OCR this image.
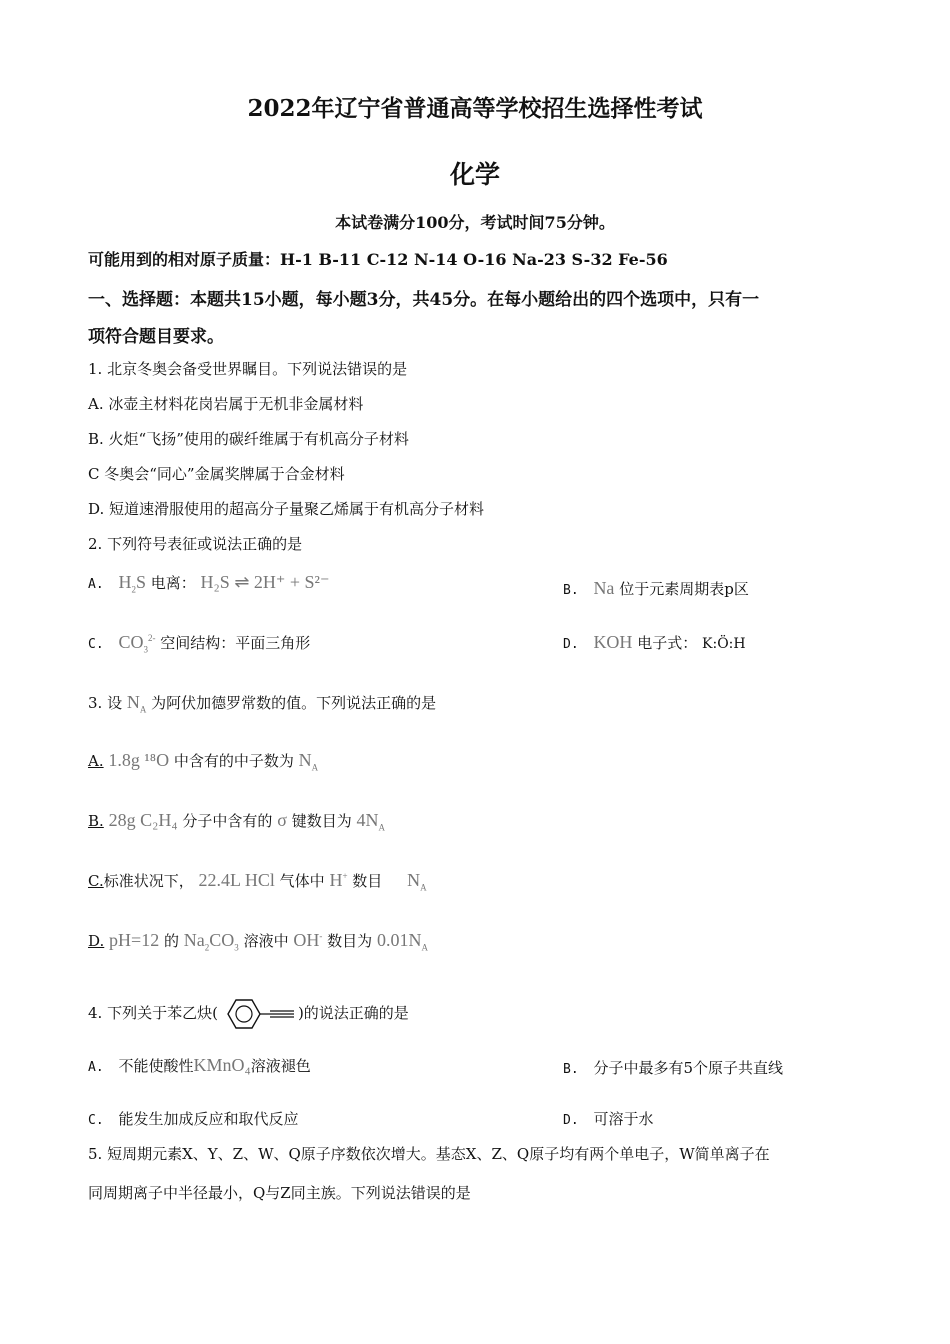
2022年辽宁省普通高等学校招生选择性考试
化学
本试卷满分100分，考试时间75分钟。
可能用到的相对原子质量：H-1 B-11 C-12 N-14 O-16 Na-23 S-32 Fe-56
一、选择题：本题共15小题，每小题3分，共45分。在每小题给出的四个选项中，只有一
项符合题目要求。
1. 北京冬奥会备受世界瞩目。下列说法错误的是
A. 冰壶主材料花岗岩属于无机非金属材料
B. 火炬“飞扬”使用的碳纤维属于有机高分子材料
C 冬奥会“同心”金属奖牌属于合金材料
D. 短道速滑服使用的超高分子量聚乙烯属于有机高分子材料
2. 下列符号表征或说法正确的是
A. $H_2S$ 电离： H₂S ⇌ 2H⁺ + S²⁻	B. Na 位于元素周期表p区
C. $CO_3^{2-}$ 空间结构：平面三角形	D. KOH 电子式： K:Ö:H
3. 设 $N_A$ 为阿伏加德罗常数的值。下列说法正确的是
A. 1.8g ¹⁸O 中含有的中子数为 $N_A$
B. 28g C₂H₄ 分子中含有的 σ 键数目为 $4N_A$
C.标准状况下， 22.4L HCl 气体中 H+ 数目 $N_A$
D. pH=12 的 $Na_2CO_3$ 溶液中 OH- 数目为 $0.01N_A$
4. 下列关于苯乙炔(	)的说法正确的是
A. 不能使酸性KMnO₄溶液褪色	B. 分子中最多有5个原子共直线
C. 能发生加成反应和取代反应	D. 可溶于水
5. 短周期元素X、Y、Z、W、Q原子序数依次增大。基态X、Z、Q原子均有两个单电子，W简单离子在
同周期离子中半径最小，Q与Z同主族。下列说法错误的是
